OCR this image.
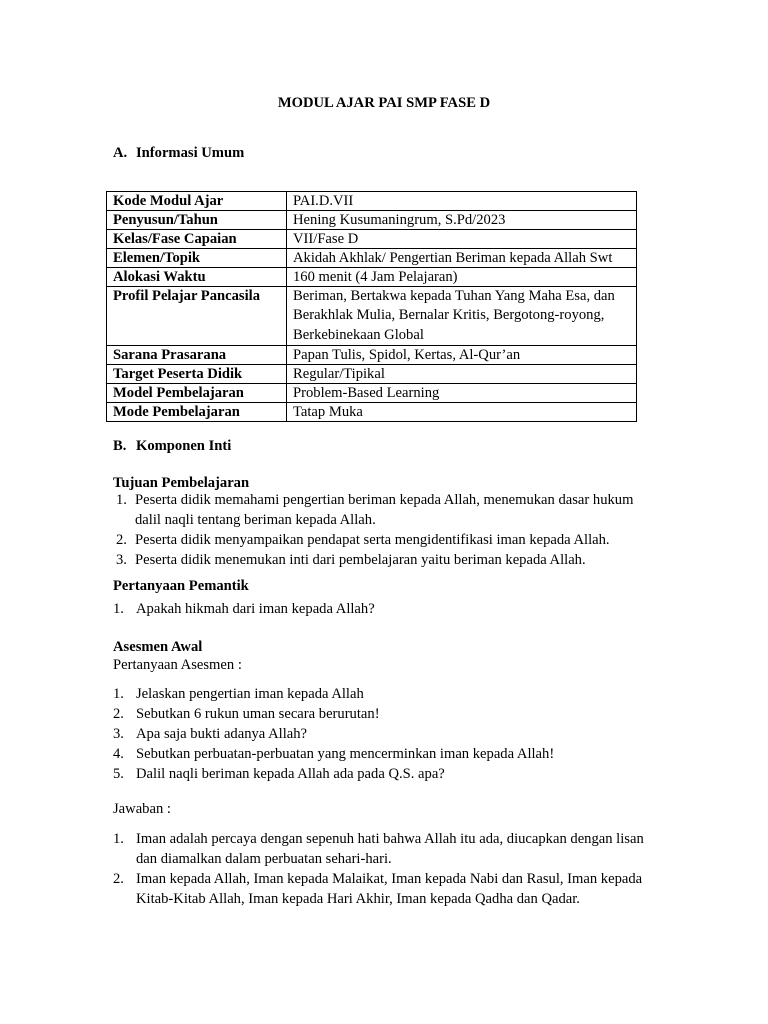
MODUL AJAR PAI SMP FASE D
A. Informasi Umum
Kode Modul Ajar	PAI.D.VII
Penyusun/Tahun	Hening Kusumaningrum, S.Pd/2023
Kelas/Fase Capaian	VII/Fase D
Elemen/Topik	Akidah Akhlak/ Pengertian Beriman kepada Allah Swt
Alokasi Waktu	160 menit (4 Jam Pelajaran)
Profil Pelajar Pancasila	Beriman, Bertakwa kepada Tuhan Yang Maha Esa, dan Berakhlak Mulia, Bernalar Kritis, Bergotong-royong, Berkebinekaan Global
Sarana Prasarana	Papan Tulis, Spidol, Kertas, Al-Qur’an
Target Peserta Didik	Regular/Tipikal
Model Pembelajaran	Problem-Based Learning
Mode Pembelajaran	Tatap Muka
B. Komponen Inti
Tujuan Pembelajaran
1. Peserta didik memahami pengertian beriman kepada Allah, menemukan dasar hukum dalil naqli tentang beriman kepada Allah.
2. Peserta didik menyampaikan pendapat serta mengidentifikasi iman kepada Allah.
3. Peserta didik menemukan inti dari pembelajaran yaitu beriman kepada Allah.
Pertanyaan Pemantik
1. Apakah hikmah dari iman kepada Allah?
Asesmen Awal
Pertanyaan Asesmen :
1. Jelaskan pengertian iman kepada Allah
2. Sebutkan 6 rukun uman secara berurutan!
3. Apa saja bukti adanya Allah?
4. Sebutkan perbuatan-perbuatan yang mencerminkan iman kepada Allah!
5. Dalil naqli beriman kepada Allah ada pada Q.S. apa?
Jawaban :
1. Iman adalah percaya dengan sepenuh hati bahwa Allah itu ada, diucapkan dengan lisan dan diamalkan dalam perbuatan sehari-hari.
2. Iman kepada Allah, Iman kepada Malaikat, Iman kepada Nabi dan Rasul, Iman kepada Kitab-Kitab Allah, Iman kepada Hari Akhir, Iman kepada Qadha dan Qadar.
